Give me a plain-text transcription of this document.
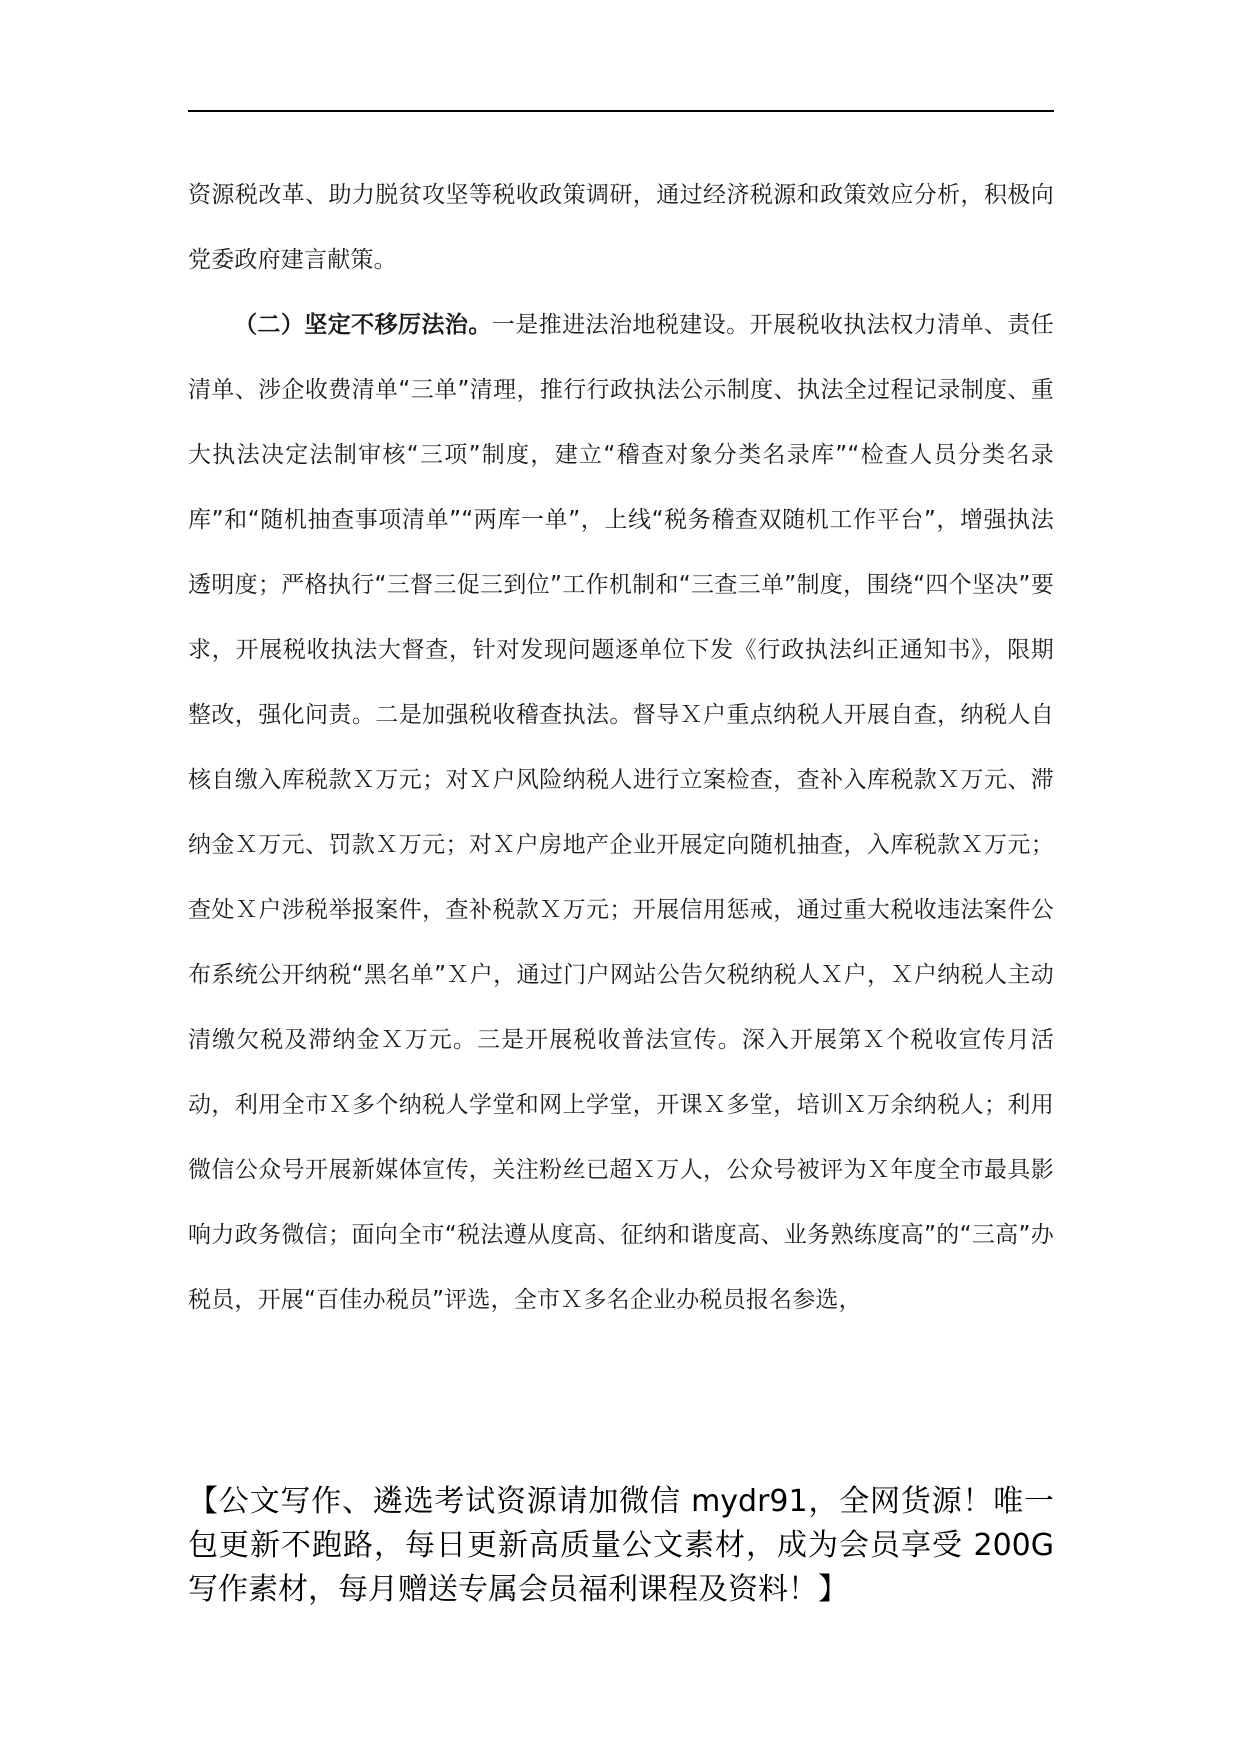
资源税改革、助力脱贫攻坚等税收政策调研，通过经济税源和政策效应分析，积极向党委政府建言献策。

（二）坚定不移厉法治。一是推进法治地税建设。开展税收执法权力清单、责任清单、涉企收费清单“三单”清理，推行行政执法公示制度、执法全过程记录制度、重大执法决定法制审核“三项”制度，建立“稽查对象分类名录库”“检查人员分类名录库”和“随机抽查事项清单”“两库一单”，上线“税务稽查双随机工作平台”，增强执法透明度；严格执行“三督三促三到位”工作机制和“三查三单”制度，围绕“四个坚决”要求，开展税收执法大督查，针对发现问题逐单位下发《行政执法纠正通知书》，限期整改，强化问责。二是加强税收稽查执法。督导Ｘ户重点纳税人开展自查，纳税人自核自缴入库税款Ｘ万元；对Ｘ户风险纳税人进行立案检查，查补入库税款Ｘ万元、滞纳金Ｘ万元、罚款Ｘ万元；对Ｘ户房地产企业开展定向随机抽查，入库税款Ｘ万元；查处Ｘ户涉税举报案件，查补税款Ｘ万元；开展信用惩戒，通过重大税收违法案件公布系统公开纳税“黑名单”Ｘ户，通过门户网站公告欠税纳税人Ｘ户，Ｘ户纳税人主动清缴欠税及滞纳金Ｘ万元。三是开展税收普法宣传。深入开展第Ｘ个税收宣传月活动，利用全市Ｘ多个纳税人学堂和网上学堂，开课Ｘ多堂，培训Ｘ万余纳税人；利用微信公众号开展新媒体宣传，关注粉丝已超Ｘ万人，公众号被评为Ｘ年度全市最具影响力政务微信；面向全市“税法遵从度高、征纳和谐度高、业务熟练度高”的“三高”办税员，开展“百佳办税员”评选，全市Ｘ多名企业办税员报名参选，

【公文写作、遴选考试资源请加微信 mydr91，全网货源！唯一包更新不跑路，每日更新高质量公文素材，成为会员享受 200G 写作素材，每月赠送专属会员福利课程及资料！】
